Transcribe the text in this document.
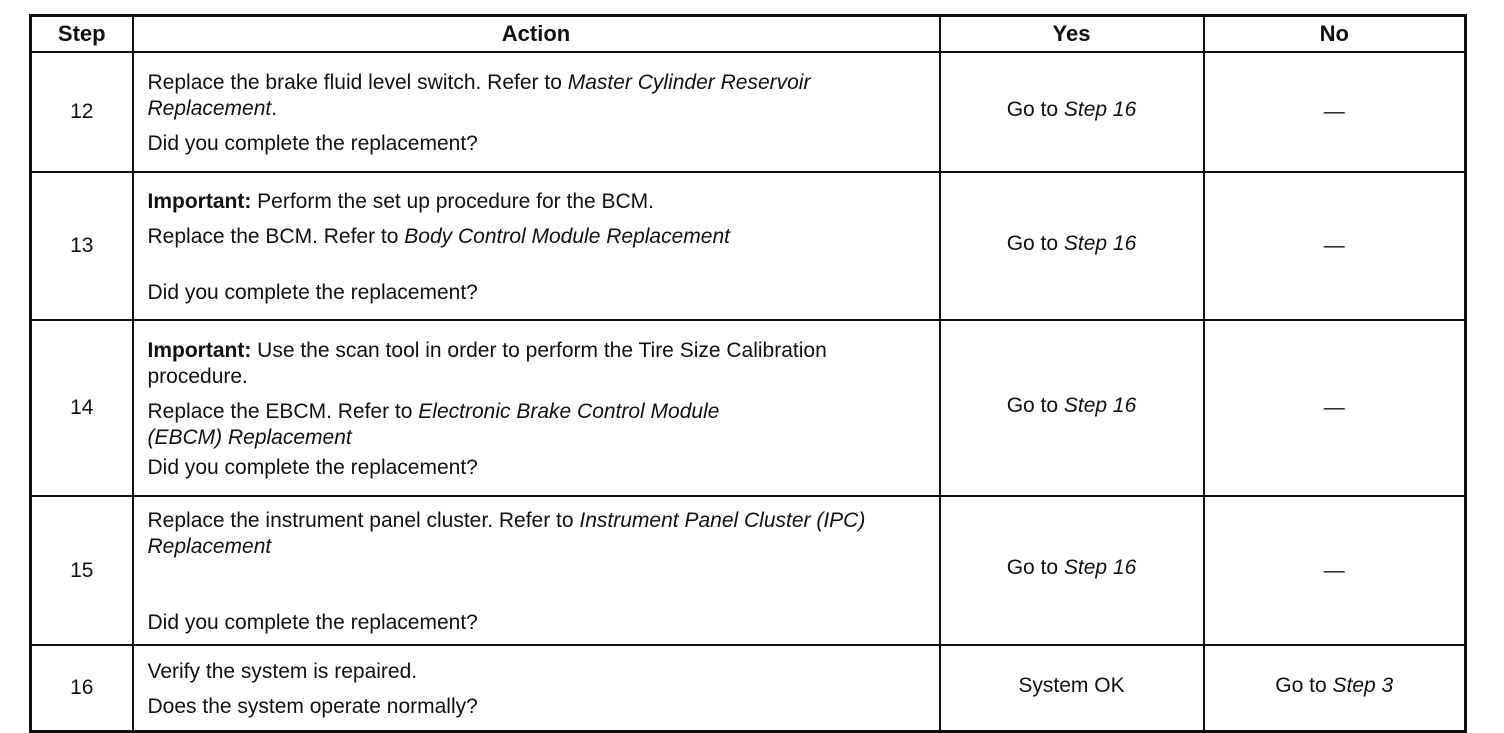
Step	Action	Yes	No
12	Replace the brake fluid level switch. Refer to Master Cylinder Reservoir Replacement.

Did you complete the replacement?	Go to Step 16	—
13	Important: Perform the set up procedure for the BCM.

Replace the BCM. Refer to Body Control Module Replacement

Did you complete the replacement?	Go to Step 16	—
14	Important: Use the scan tool in order to perform the Tire Size Calibration procedure.

Replace the EBCM. Refer to Electronic Brake Control Module (EBCM) Replacement

Did you complete the replacement?	Go to Step 16	—
15	Replace the instrument panel cluster. Refer to Instrument Panel Cluster (IPC) Replacement

Did you complete the replacement?	Go to Step 16	—
16	Verify the system is repaired.

Does the system operate normally?	System OK	Go to Step 3
